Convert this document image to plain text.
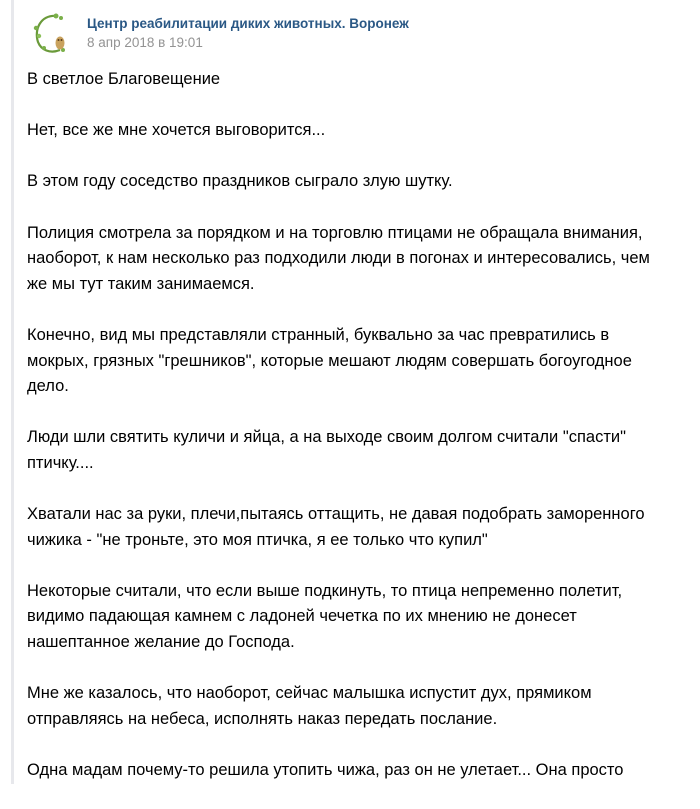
Центр реабилитации диких животных. Воронеж
8 апр 2018 в 19:01
В светлое Благовещение
Нет, все же мне хочется выговорится...
В этом году соседство праздников сыграло злую шутку.
Полиция смотрела за порядком и на торговлю птицами не обращала внимания,
наоборот, к нам несколько раз подходили люди в погонах и интересовались, чем
же мы тут таким занимаемся.
Конечно, вид мы представляли странный, буквально за час превратились в
мокрых, грязных "грешников", которые мешают людям совершать богоугодное
дело.
Люди шли святить куличи и яйца, а на выходе своим долгом считали "спасти"
птичку....
Хватали нас за руки, плечи,пытаясь оттащить, не давая подобрать заморенного
чижика - "не троньте, это моя птичка, я ее только что купил"
Некоторые считали, что если выше подкинуть, то птица непременно полетит,
видимо падающая камнем с ладоней чечетка по их мнению не донесет
нашептанное желание до Господа.
Мне же казалось, что наоборот, сейчас малышка испустит дух, прямиком
отправляясь на небеса, исполнять наказ передать послание.
Одна мадам почему-то решила утопить чижа, раз он не улетает... Она просто
